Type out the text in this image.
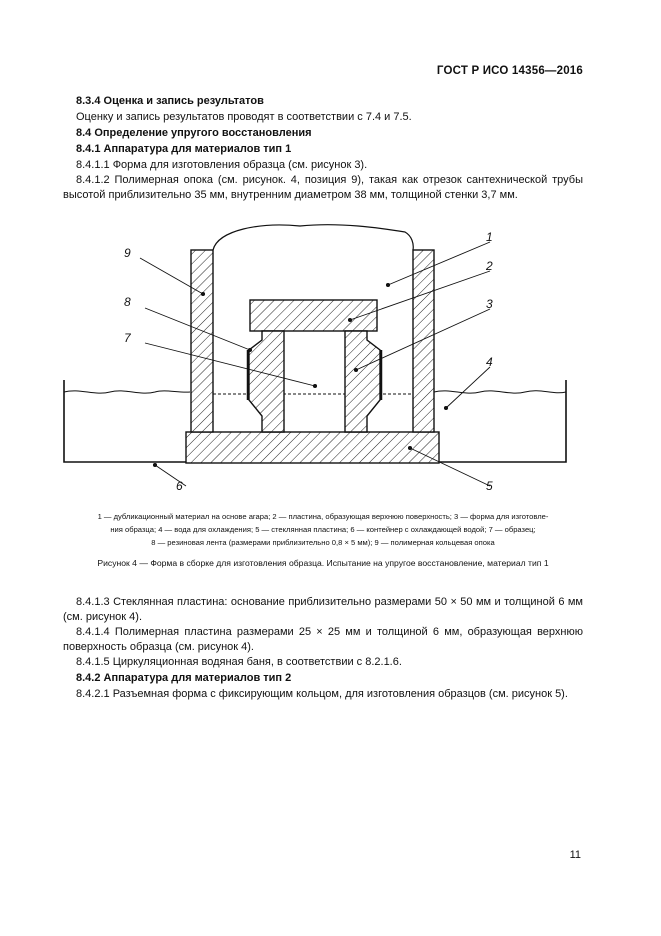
ГОСТ Р ИСО 14356—2016
8.3.4 Оценка и запись результатов
Оценку и запись результатов проводят в соответствии с 7.4 и 7.5.
8.4 Определение упругого восстановления
8.4.1 Аппаратура для материалов тип 1
8.4.1.1 Форма для изготовления образца (см. рисунок 3).
8.4.1.2 Полимерная опока (см. рисунок. 4, позиция 9), такая как отрезок сантехнической трубы
высотой приблизительно 35 мм, внутренним диаметром 38 мм, толщиной стенки 3,7 мм.
1
2
3
4
5
6
7
8
9
1 — дубликационный материал на основе агара; 2 — пластина, образующая верхнюю поверхность; 3 — форма для изготовле-
ния образца; 4 — вода для охлаждения; 5 — стеклянная пластина; 6 — контейнер с охлаждающей водой; 7 — образец;
8 — резиновая лента (размерами приблизительно 0,8 × 5 мм); 9 — полимерная кольцевая опока
Рисунок 4 — Форма в сборке для изготовления образца. Испытание на упругое восстановление, материал тип 1
8.4.1.3 Стеклянная пластина: основание приблизительно размерами 50 × 50 мм и толщиной 6 мм
(см. рисунок 4).
8.4.1.4 Полимерная пластина размерами 25 × 25 мм и толщиной 6 мм, образующая верхнюю
поверхность образца (см. рисунок 4).
8.4.1.5 Циркуляционная водяная баня, в соответствии с 8.2.1.6.
8.4.2 Аппаратура для материалов тип 2
8.4.2.1 Разъемная форма с фиксирующим кольцом, для изготовления образцов (см. рисунок 5).
11
